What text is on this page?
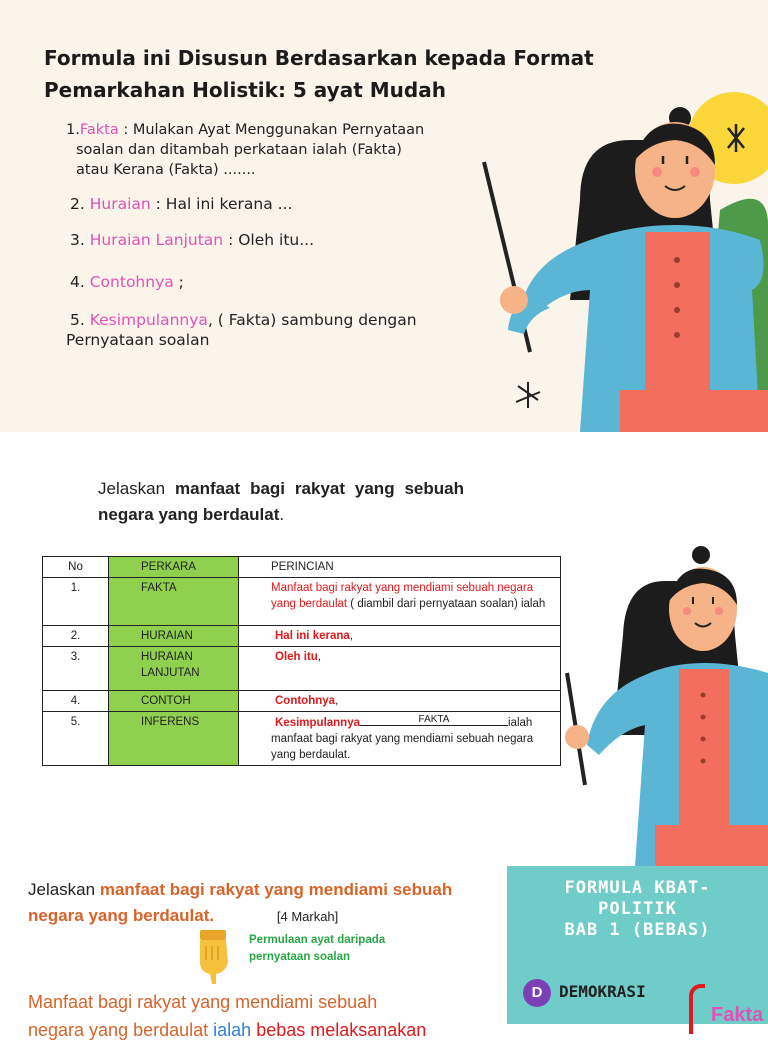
Formula ini Disusun Berdasarkan kepada Format
Pemarkahan Holistik: 5 ayat Mudah
1.Fakta : Mulakan Ayat Menggunakan Pernyataan
soalan dan ditambah perkataan ialah (Fakta)
atau Kerana (Fakta) .......
2. Huraian : Hal ini kerana ...
3. Huraian Lanjutan : Oleh itu...
4. Contohnya ;
5. Kesimpulannya, ( Fakta) sambung dengan
Pernyataan soalan
Jelaskan manfaat bagi rakyat yang sebuah negara yang berdaulat.
No	PERKARA	PERINCIAN
1.	FAKTA	Manfaat bagi rakyat yang mendiami sebuah negara yang berdaulat ( diambil dari pernyataan soalan) ialah
2.	HURAIAN	Hal ini kerana,
3.	HURAIAN LANJUTAN	Oleh itu,
4.	CONTOH	Contohnya,
5.	INFERENS	Kesimpulannya FAKTA ialah manfaat bagi rakyat yang mendiami sebuah negara yang berdaulat.
Jelaskan manfaat bagi rakyat yang mendiami sebuah negara yang berdaulat.	[4 Markah]
Permulaan ayat daripada
pernyataan soalan
Manfaat bagi rakyat yang mendiami sebuah
negara yang berdaulat ialah bebas melaksanakan
FORMULA KBAT-
POLITIK
BAB 1 (BEBAS)
D	DEMOKRASI
Fakta
